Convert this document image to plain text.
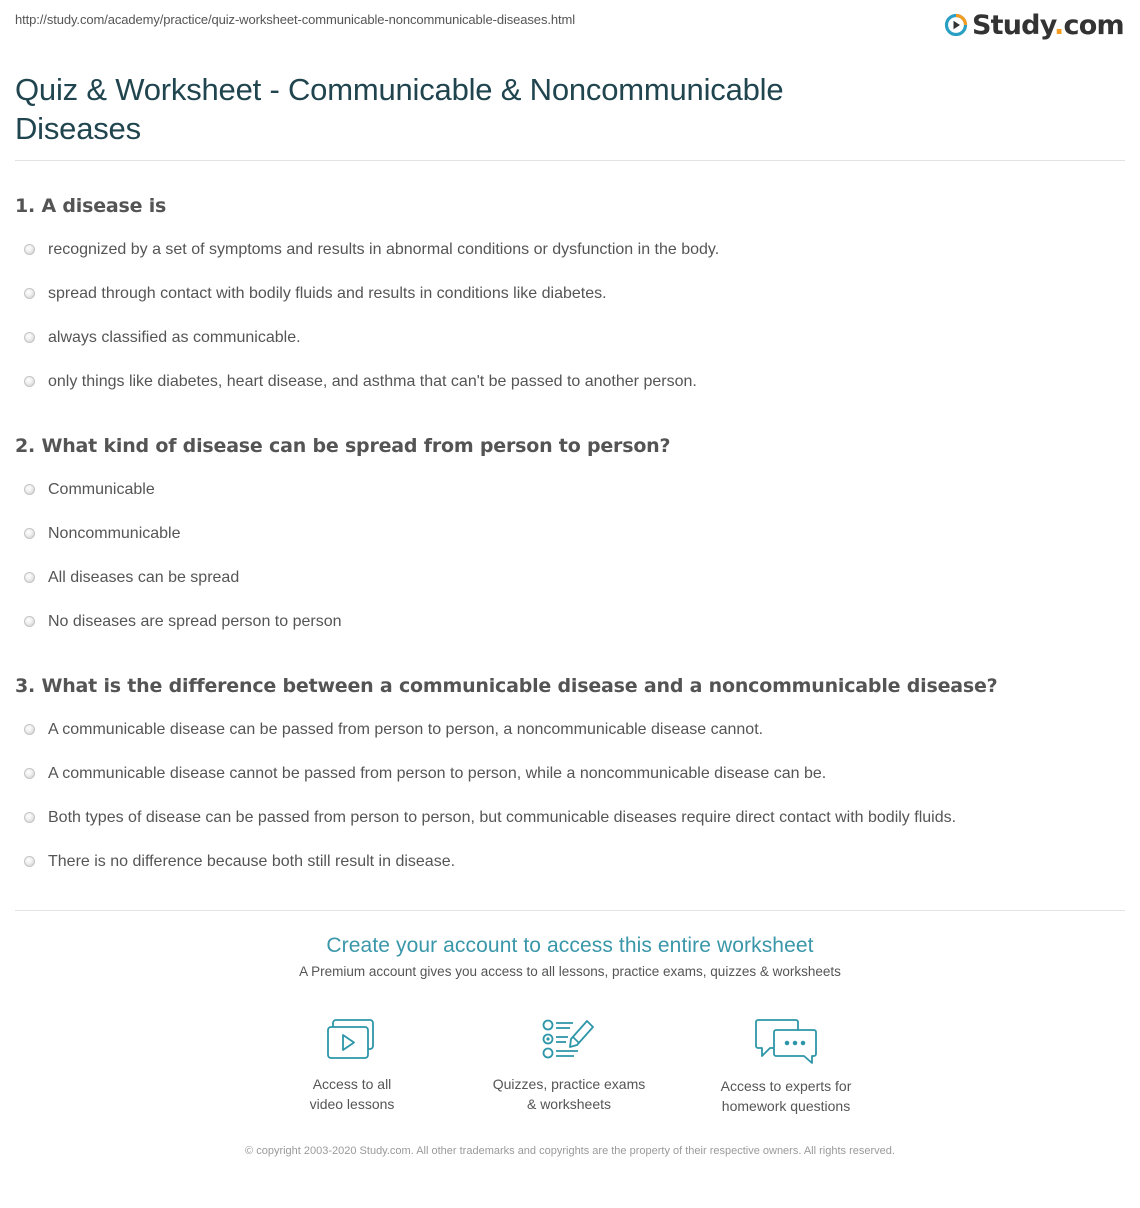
http://study.com/academy/practice/quiz-worksheet-communicable-noncommunicable-diseases.html	Study.com
Quiz & Worksheet - Communicable & Noncommunicable Diseases
1. A disease is
recognized by a set of symptoms and results in abnormal conditions or dysfunction in the body.
spread through contact with bodily fluids and results in conditions like diabetes.
always classified as communicable.
only things like diabetes, heart disease, and asthma that can't be passed to another person.
2. What kind of disease can be spread from person to person?
Communicable
Noncommunicable
All diseases can be spread
No diseases are spread person to person
3. What is the difference between a communicable disease and a noncommunicable disease?
A communicable disease can be passed from person to person, a noncommunicable disease cannot.
A communicable disease cannot be passed from person to person, while a noncommunicable disease can be.
Both types of disease can be passed from person to person, but communicable diseases require direct contact with bodily fluids.
There is no difference because both still result in disease.
Create your account to access this entire worksheet
A Premium account gives you access to all lessons, practice exams, quizzes & worksheets
Access to all
video lessons
Quizzes, practice exams
& worksheets
Access to experts for
homework questions
© copyright 2003-2020 Study.com. All other trademarks and copyrights are the property of their respective owners. All rights reserved.
